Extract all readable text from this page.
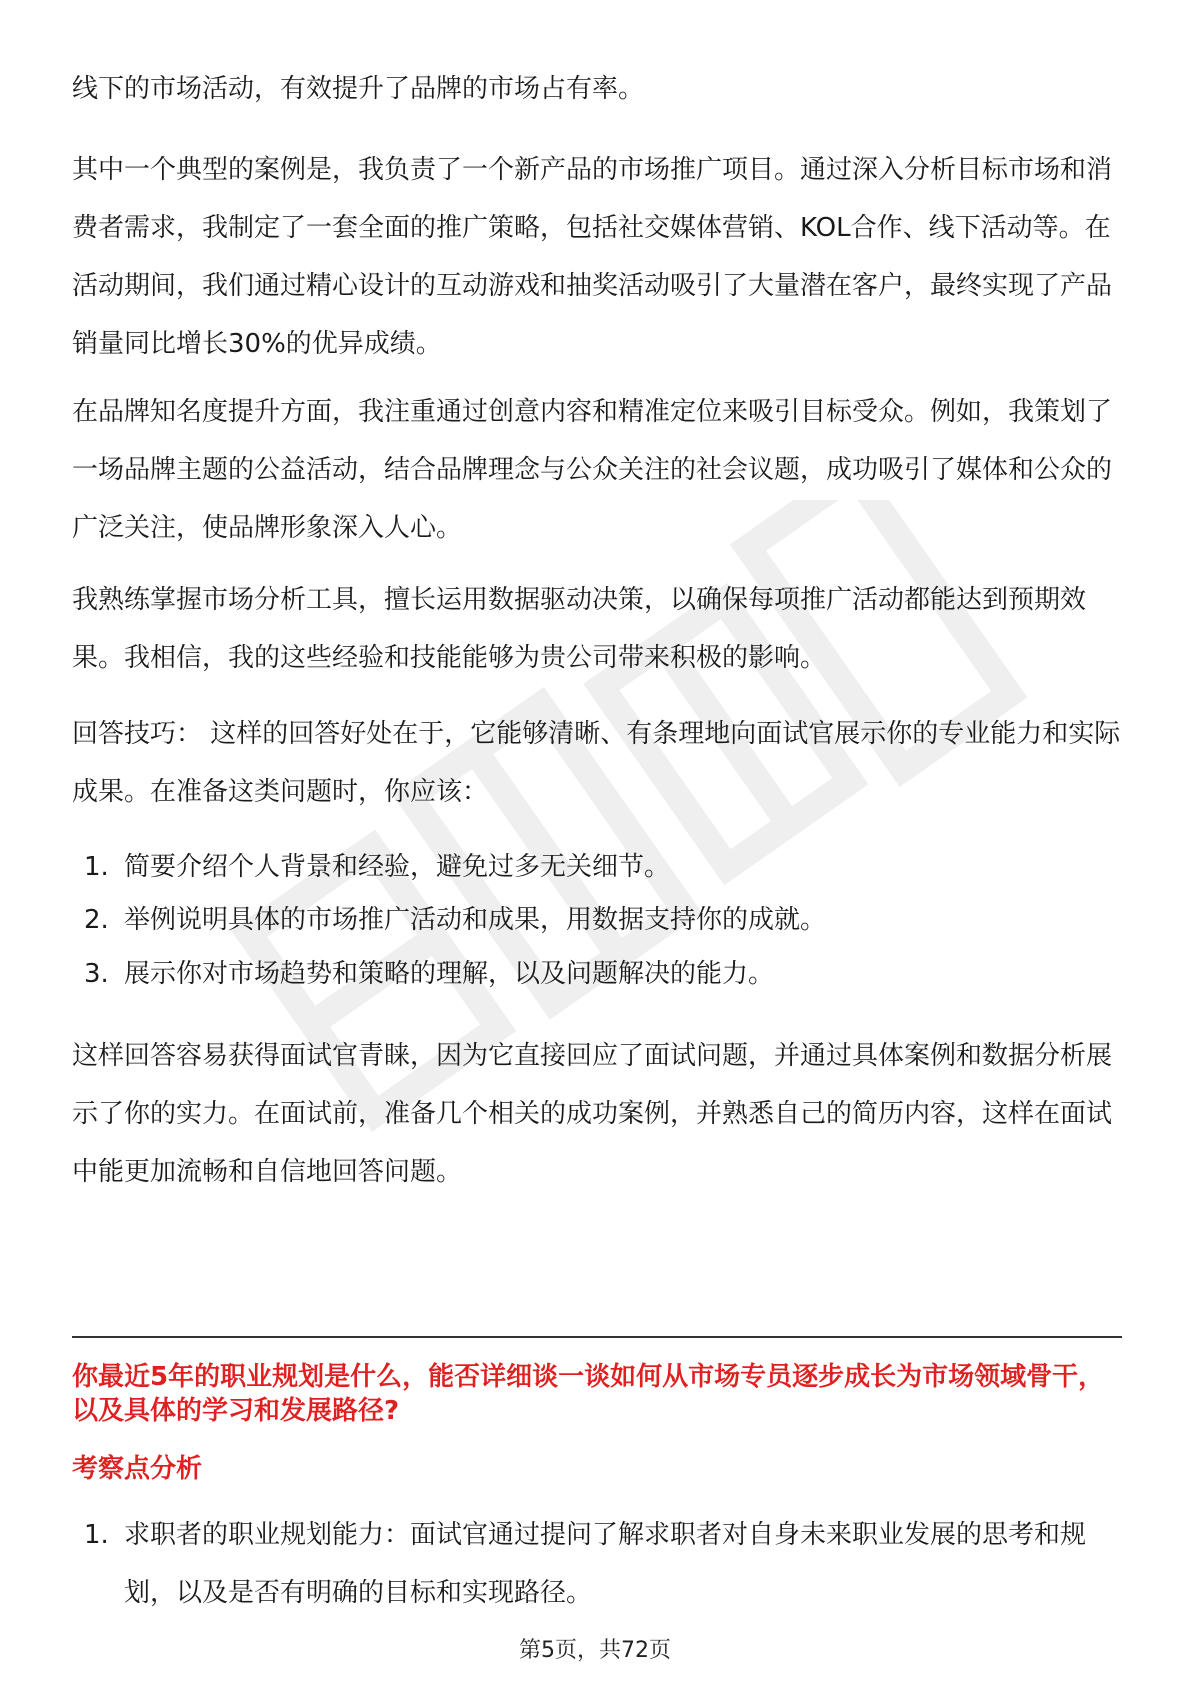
线下的市场活动，有效提升了品牌的市场占有率。

其中一个典型的案例是，我负责了一个新产品的市场推广项目。通过深入分析目标市场和消费者需求，我制定了一套全面的推广策略，包括社交媒体营销、KOL合作、线下活动等。在活动期间，我们通过精心设计的互动游戏和抽奖活动吸引了大量潜在客户，最终实现了产品销量同比增长30%的优异成绩。

在品牌知名度提升方面，我注重通过创意内容和精准定位来吸引目标受众。例如，我策划了一场品牌主题的公益活动，结合品牌理念与公众关注的社会议题，成功吸引了媒体和公众的广泛关注，使品牌形象深入人心。

我熟练掌握市场分析工具，擅长运用数据驱动决策，以确保每项推广活动都能达到预期效果。我相信，我的这些经验和技能能够为贵公司带来积极的影响。

回答技巧： 这样的回答好处在于，它能够清晰、有条理地向面试官展示你的专业能力和实际成果。在准备这类问题时，你应该：

1. 简要介绍个人背景和经验，避免过多无关细节。
2. 举例说明具体的市场推广活动和成果，用数据支持你的成就。
3. 展示你对市场趋势和策略的理解，以及问题解决的能力。

这样回答容易获得面试官青睐，因为它直接回应了面试问题，并通过具体案例和数据分析展示了你的实力。在面试前，准备几个相关的成功案例，并熟悉自己的简历内容，这样在面试中能更加流畅和自信地回答问题。

你最近5年的职业规划是什么，能否详细谈一谈如何从市场专员逐步成长为市场领域骨干，以及具体的学习和发展路径?
考察点分析
1. 求职者的职业规划能力：面试官通过提问了解求职者对自身未来职业发展的思考和规划，以及是否有明确的目标和实现路径。
第5页，共72页
